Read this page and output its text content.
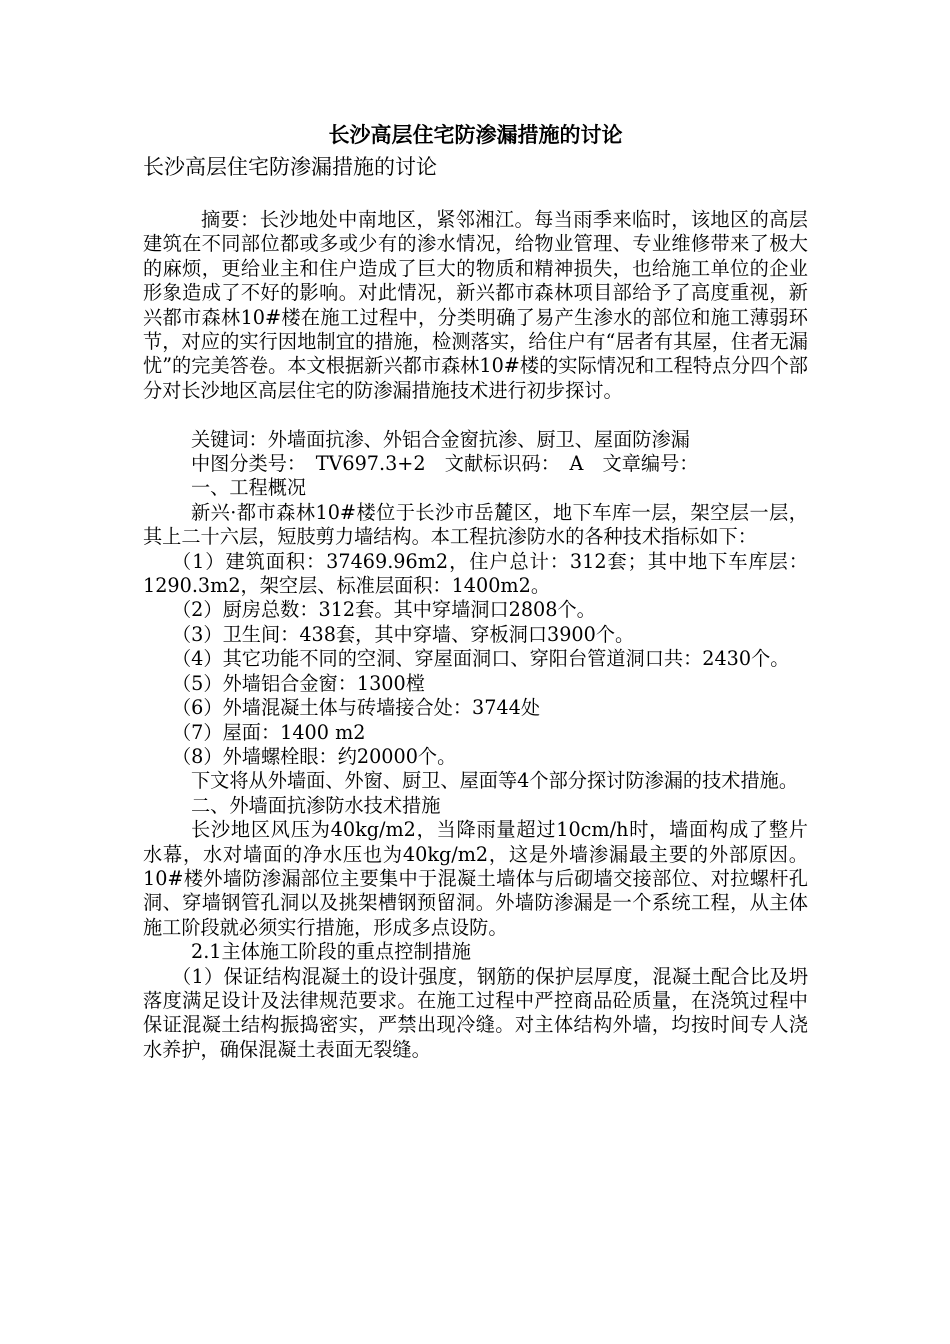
长沙高层住宅防渗漏措施的讨论

长沙高层住宅防渗漏措施的讨论

摘要：长沙地处中南地区，紧邻湘江。每当雨季来临时，该地区的高层建筑在不同部位都或多或少有的渗水情况，给物业管理、专业维修带来了极大的麻烦，更给业主和住户造成了巨大的物质和精神损失，也给施工单位的企业形象造成了不好的影响。对此情况，新兴都市森林项目部给予了高度重视，新兴都市森林10#楼在施工过程中，分类明确了易产生渗水的部位和施工薄弱环节，对应的实行因地制宜的措施，检测落实，给住户有“居者有其屋，住者无漏忧”的完美答卷。本文根据新兴都市森林10#楼的实际情况和工程特点分四个部分对长沙地区高层住宅的防渗漏措施技术进行初步探讨。

关键词：外墙面抗渗、外铝合金窗抗渗、厨卫、屋面防渗漏

中图分类号：　TV697.3+2　文献标识码：　A　文章编号：

一、工程概况

新兴·都市森林10#楼位于长沙市岳麓区，地下车库一层，架空层一层，其上二十六层，短肢剪力墙结构。本工程抗渗防水的各种技术指标如下：

（1）建筑面积：37469.96m2，住户总计：312套；其中地下车库层：1290.3m2，架空层、标准层面积：1400m2。

（2）厨房总数：312套。其中穿墙洞口2808个。

（3）卫生间：438套，其中穿墙、穿板洞口3900个。

（4）其它功能不同的空洞、穿屋面洞口、穿阳台管道洞口共：2430个。

（5）外墙铝合金窗：1300樘

（6）外墙混凝土体与砖墙接合处：3744处

（7）屋面：1400 m2

（8）外墙螺栓眼：约20000个。

下文将从外墙面、外窗、厨卫、屋面等4个部分探讨防渗漏的技术措施。

二、外墙面抗渗防水技术措施

长沙地区风压为40kg/m2，当降雨量超过10cm/h时，墙面构成了整片水幕，水对墙面的净水压也为40kg/m2，这是外墙渗漏最主要的外部原因。10#楼外墙防渗漏部位主要集中于混凝土墙体与后砌墙交接部位、对拉螺杆孔洞、穿墙钢管孔洞以及挑架槽钢预留洞。外墙防渗漏是一个系统工程，从主体施工阶段就必须实行措施，形成多点设防。

2.1主体施工阶段的重点控制措施

（1）保证结构混凝土的设计强度，钢筋的保护层厚度，混凝土配合比及坍落度满足设计及法律规范要求。在施工过程中严控商品砼质量，在浇筑过程中保证混凝土结构振捣密实，严禁出现冷缝。对主体结构外墙，均按时间专人浇水养护，确保混凝土表面无裂缝。
